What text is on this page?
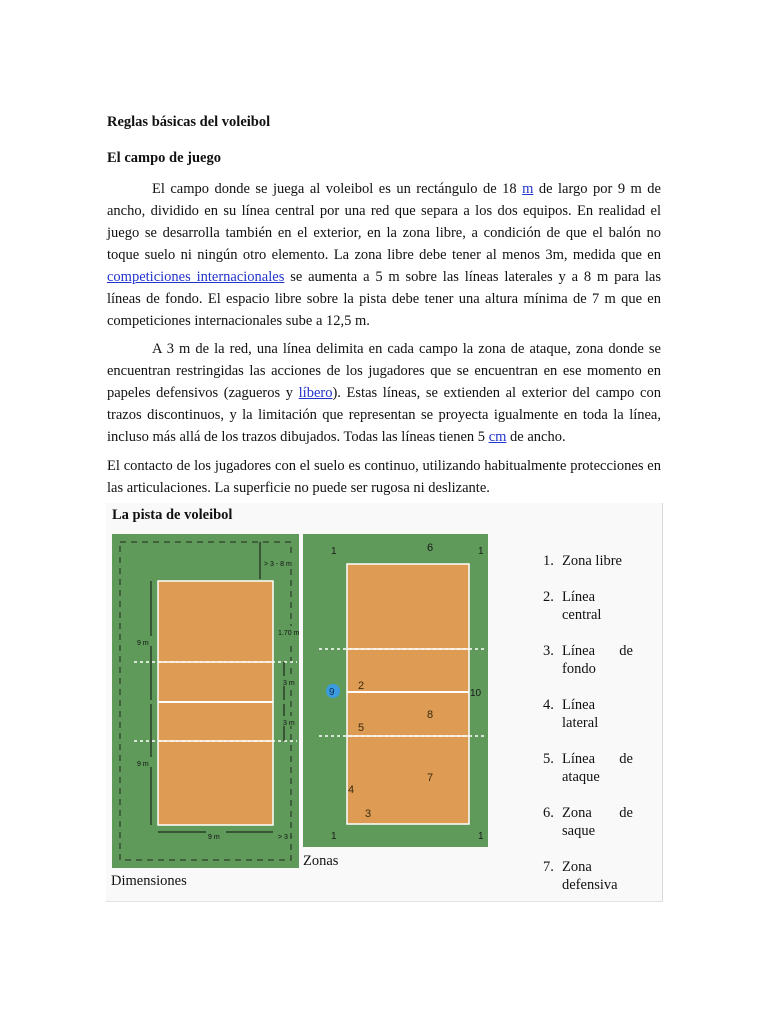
Reglas básicas del voleibol

El campo de juego

El campo donde se juega al voleibol es un rectángulo de 18 m de largo por 9 m de ancho, dividido en su línea central por una red que separa a los dos equipos. En realidad el juego se desarrolla también en el exterior, en la zona libre, a condición de que el balón no toque suelo ni ningún otro elemento. La zona libre debe tener al menos 3m, medida que en competiciones internacionales se aumenta a 5 m sobre las líneas laterales y a 8 m para las líneas de fondo. El espacio libre sobre la pista debe tener una altura mínima de 7 m que en competiciones internacionales sube a 12,5 m.

A 3 m de la red, una línea delimita en cada campo la zona de ataque, zona donde se encuentran restringidas las acciones de los jugadores que se encuentran en ese momento en papeles defensivos (zagueros y líbero). Estas líneas, se extienden al exterior del campo con trazos discontinuos, y la limitación que representan se proyecta igualmente en toda la línea, incluso más allá de los trazos dibujados. Todas las líneas tienen 5 cm de ancho.

El contacto de los jugadores con el suelo es continuo, utilizando habitualmente protecciones en las articulaciones. La superficie no puede ser rugosa ni deslizante.

La pista de voleibol

> 3 - 8 m
1.70 m
3 m
3 m
9 m
9 m
9 m	> 3 -
Dimensiones
6
1	1
2
9	10
8
5
7
4
3
1	1
Zonas
1. Zona libre
2. Línea central
3. Línea de fondo
4. Línea lateral
5. Línea de ataque
6. Zona de saque
7. Zona defensiva
